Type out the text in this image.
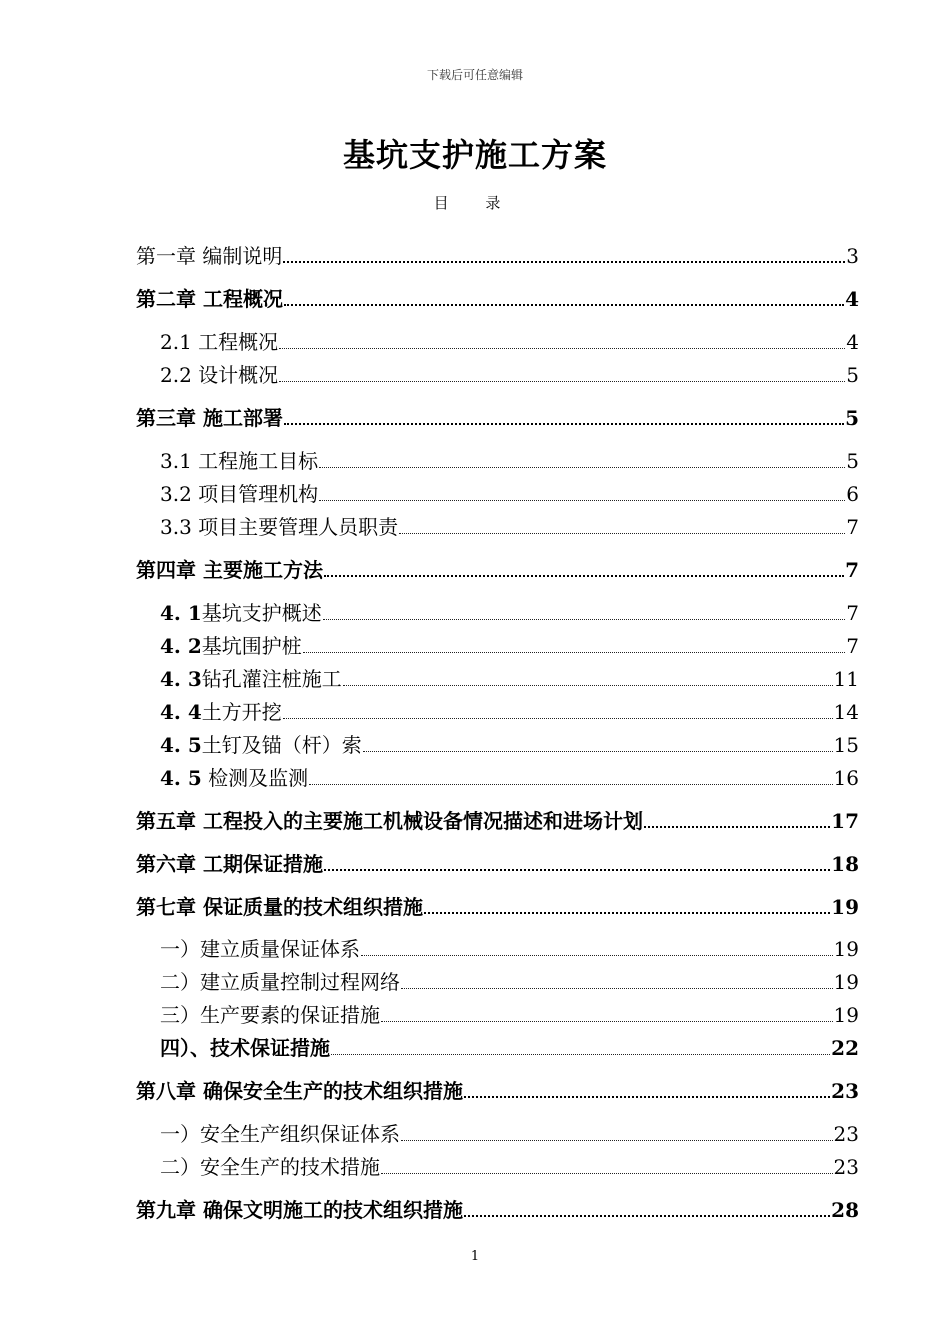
下载后可任意编辑
基坑支护施工方案
目 录
第一章 编制说明	3
第二章 工程概况	4
2.1 工程概况	4
2.2 设计概况	5
第三章 施工部署	5
3.1 工程施工目标	5
3.2 项目管理机构	6
3.3 项目主要管理人员职责	7
第四章 主要施工方法	7
4. 1基坑支护概述	7
4. 2基坑围护桩	7
4. 3钻孔灌注桩施工	11
4. 4土方开挖	14
4. 5土钉及锚（杆）索	15
4. 5 检测及监测	16
第五章 工程投入的主要施工机械设备情况描述和进场计划	17
第六章 工期保证措施	18
第七章 保证质量的技术组织措施	19
一）建立质量保证体系	19
二）建立质量控制过程网络	19
三）生产要素的保证措施	19
四）、技术保证措施	22
第八章 确保安全生产的技术组织措施	23
一）安全生产组织保证体系	23
二）安全生产的技术措施	23
第九章 确保文明施工的技术组织措施	28
1
